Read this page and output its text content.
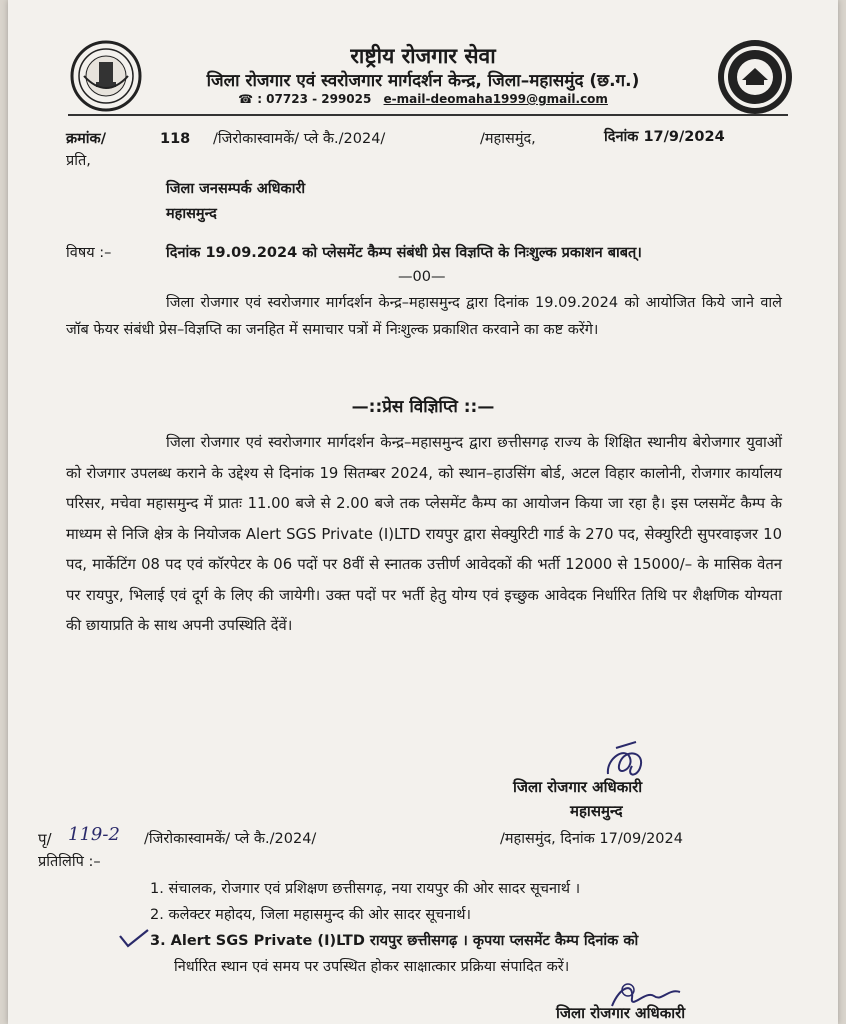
राष्ट्रीय रोजगार सेवा
जिला रोजगार एवं स्वरोजगार मार्गदर्शन केन्द्र, जिला–महासमुंद (छ.ग.)
☎ : 07723 - 299025 e-mail-deomaha1999@gmail.com
क्रमांक/	118 /जिरोकास्वामकें/ प्ले कै./2024/	/महासमुंद,	दिनांक 17/9/2024
प्रति,
जिला जनसम्पर्क अधिकारी
महासमुन्द
विषय :–	दिनांक 19.09.2024 को प्लेसमेंट कैम्प संबंधी प्रेस विज्ञप्ति के निःशुल्क प्रकाशन बाबत्।
—00—
जिला रोजगार एवं स्वरोजगार मार्गदर्शन केन्द्र–महासमुन्द द्वारा दिनांक 19.09.2024 को आयोजित किये जाने वाले जॉब फेयर संबंधी प्रेस–विज्ञप्ति का जनहित में समाचार पत्रों में निःशुल्क प्रकाशित करवाने का कष्ट करेंगे।
—::प्रेस विज्ञिप्ति ::—
जिला रोजगार एवं स्वरोजगार मार्गदर्शन केन्द्र–महासमुन्द द्वारा छत्तीसगढ़ राज्य के शिक्षित स्थानीय बेरोजगार युवाओं को रोजगार उपलब्ध कराने के उद्देश्य से दिनांक 19 सितम्बर 2024, को स्थान–हाउसिंग बोर्ड, अटल विहार कालोनी, रोजगार कार्यालय परिसर, मचेवा महासमुन्द में प्रातः 11.00 बजे से 2.00 बजे तक प्लेसमेंट कैम्प का आयोजन किया जा रहा है। इस प्लसमेंट कैम्प के माध्यम से निजि क्षेत्र के नियोजक Alert SGS Private (I)LTD रायपुर द्वारा सेक्युरिटी गार्ड के 270 पद, सेक्युरिटी सुपरवाइजर 10 पद, मार्केटिंग 08 पद एवं कॉरपेटर के 06 पदों पर 8वीं से स्नातक उत्तीर्ण आवेदकों की भर्ती 12000 से 15000/– के मासिक वेतन पर रायपुर, भिलाई एवं दूर्ग के लिए की जायेगी। उक्त पदों पर भर्ती हेतु योग्य एवं इच्छुक आवेदक निर्धारित तिथि पर शैक्षणिक योग्यता की छायाप्रति के साथ अपनी उपस्थिति देंवें।
जिला रोजगार अधिकारी
महासमुन्द
पृ/ 119-2 /जिरोकास्वामकें/ प्ले कै./2024/	/महासमुंद, दिनांक 17/09/2024
प्रतिलिपि :–
1. संचालक, रोजगार एवं प्रशिक्षण छत्तीसगढ़, नया रायपुर की ओर सादर सूचनार्थ ।
2. कलेक्टर महोदय, जिला महासमुन्द की ओर सादर सूचनार्थ।
3. Alert SGS Private (I)LTD रायपुर छत्तीसगढ़ । कृपया प्लसमेंट कैम्प दिनांक को
निर्धारित स्थान एवं समय पर उपस्थित होकर साक्षात्कार प्रक्रिया संपादित करें।
जिला रोजगार अधिकारी
